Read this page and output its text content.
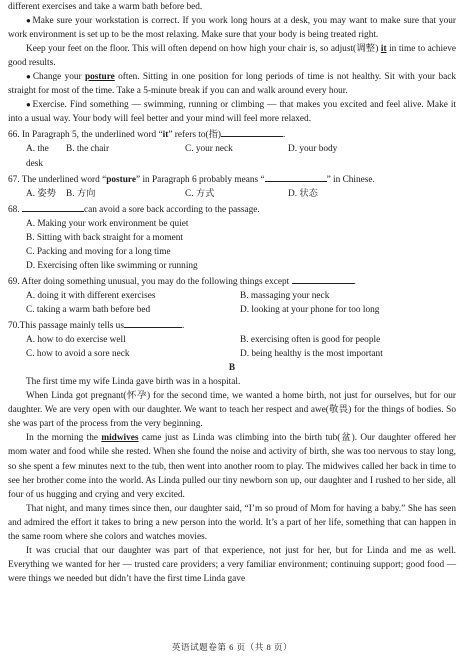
different exercises and take a warm bath before bed.

● Make sure your workstation is correct. If you work long hours at a desk, you may want to make sure that your work environment is set up to be the most relaxing. Make sure that your body is being treated right.

Keep your feet on the floor. This will often depend on how high your chair is, so adjust(调整) it in time to achieve good results.

● Change your posture often. Sitting in one position for long periods of time is not healthy. Sit with your back straight for most of the time. Take a 5-minute break if you can and walk around every hour.

● Exercise. Find something — swimming, running or climbing — that makes you excited and feel alive. Make it into a usual way. Your body will feel better and your mind will feel more relaxed.

66. In Paragraph 5, the underlined word “it” refers to(指)	.

A. the desk
B. the chair	C. your neck	D. your body

67. The underlined word “posture” in Paragraph 6 probably means “	” in Chinese.

A. 姿势	B. 方向	C. 方式	D. 状态

68.	can avoid a sore back according to the passage.

A. Making your work environment be quiet
B. Sitting with back straight for a moment
C. Packing and moving for a long time
D. Exercising often like swimming or running

69. After doing something unusual, you may do the following things except	.

A. doing it with different exercises	B. massaging your neck
C. taking a warm bath before bed	D. looking at your phone for too long

70.This passage mainly tells us	.

A. how to do exercise well	B. exercising often is good for people
C. how to avoid a sore neck	D. being healthy is the most important
B

The first time my wife Linda gave birth was in a hospital.

When Linda got pregnant(怀孕) for the second time, we wanted a home birth, not just for ourselves, but for our daughter. We are very open with our daughter. We want to teach her respect and awe(敬畏) for the things of bodies. So she was part of the process from the very beginning.

In the morning the midwives came just as Linda was climbing into the birth tub(盆). Our daughter offered her mom water and food while she rested. When she found the noise and activity of birth, she was too nervous to stay long, so she spent a few minutes next to the tub, then went into another room to play. The midwives called her back in time to see her brother come into the world. As Linda pulled our tiny newborn son up, our daughter and I rushed to her side, all four of us hugging and crying and very excited.

That night, and many times since then, our daughter said, “I’m so proud of Mom for having a baby.” She has seen and admired the effort it takes to bring a new person into the world. It’s a part of her life, something that can happen in the same room where she colors and watches movies.

It was crucial that our daughter was part of that experience, not just for her, but for Linda and me as well. Everything we wanted for her — trusted care providers; a very familiar environment; continuing support; good food — were things we needed but didn’t have the first time Linda gave

英语试题卷第 6 页（共 8 页）
